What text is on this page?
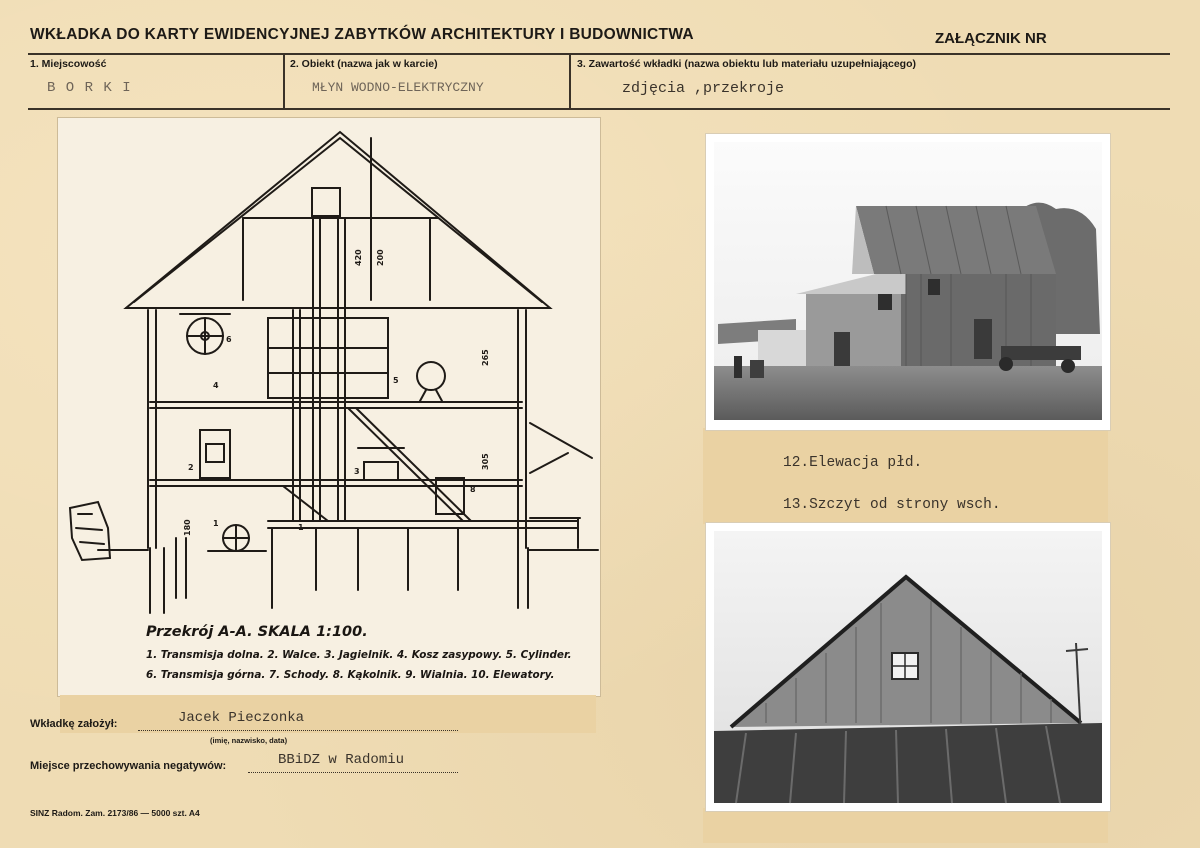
WKŁADKA DO KARTY EWIDENCYJNEJ ZABYTKÓW ARCHITEKTURY I BUDOWNICTWA	ZAŁĄCZNIK NR
1. Miejscowość
B O R K I
2. Obiekt (nazwa jak w karcie)
MŁYN WODNO-ELEKTRYCZNY
3. Zawartość wkładki (nazwa obiektu lub materiału uzupełniającego)
zdjęcia ,przekroje
420 200
265
305
180
6
4
5
1
2	3
8
1
Przekrój A-A. SKALA 1:100.
1. Transmisja dolna. 2. Walce. 3. Jagielnik. 4. Kosz zasypowy. 5. Cylinder.
6. Transmisja górna. 7. Schody. 8. Kąkolnik. 9. Wialnia. 10. Elewatory.
12.Elewacja płd.
13.Szczyt od strony wsch.
Wkładkę założył:	Jacek Pieczonka
(imię, nazwisko, data)
Miejsce przechowywania negatywów:	BBiDZ w Radomiu
SINZ Radom. Zam. 2173/86 — 5000 szt. A4
